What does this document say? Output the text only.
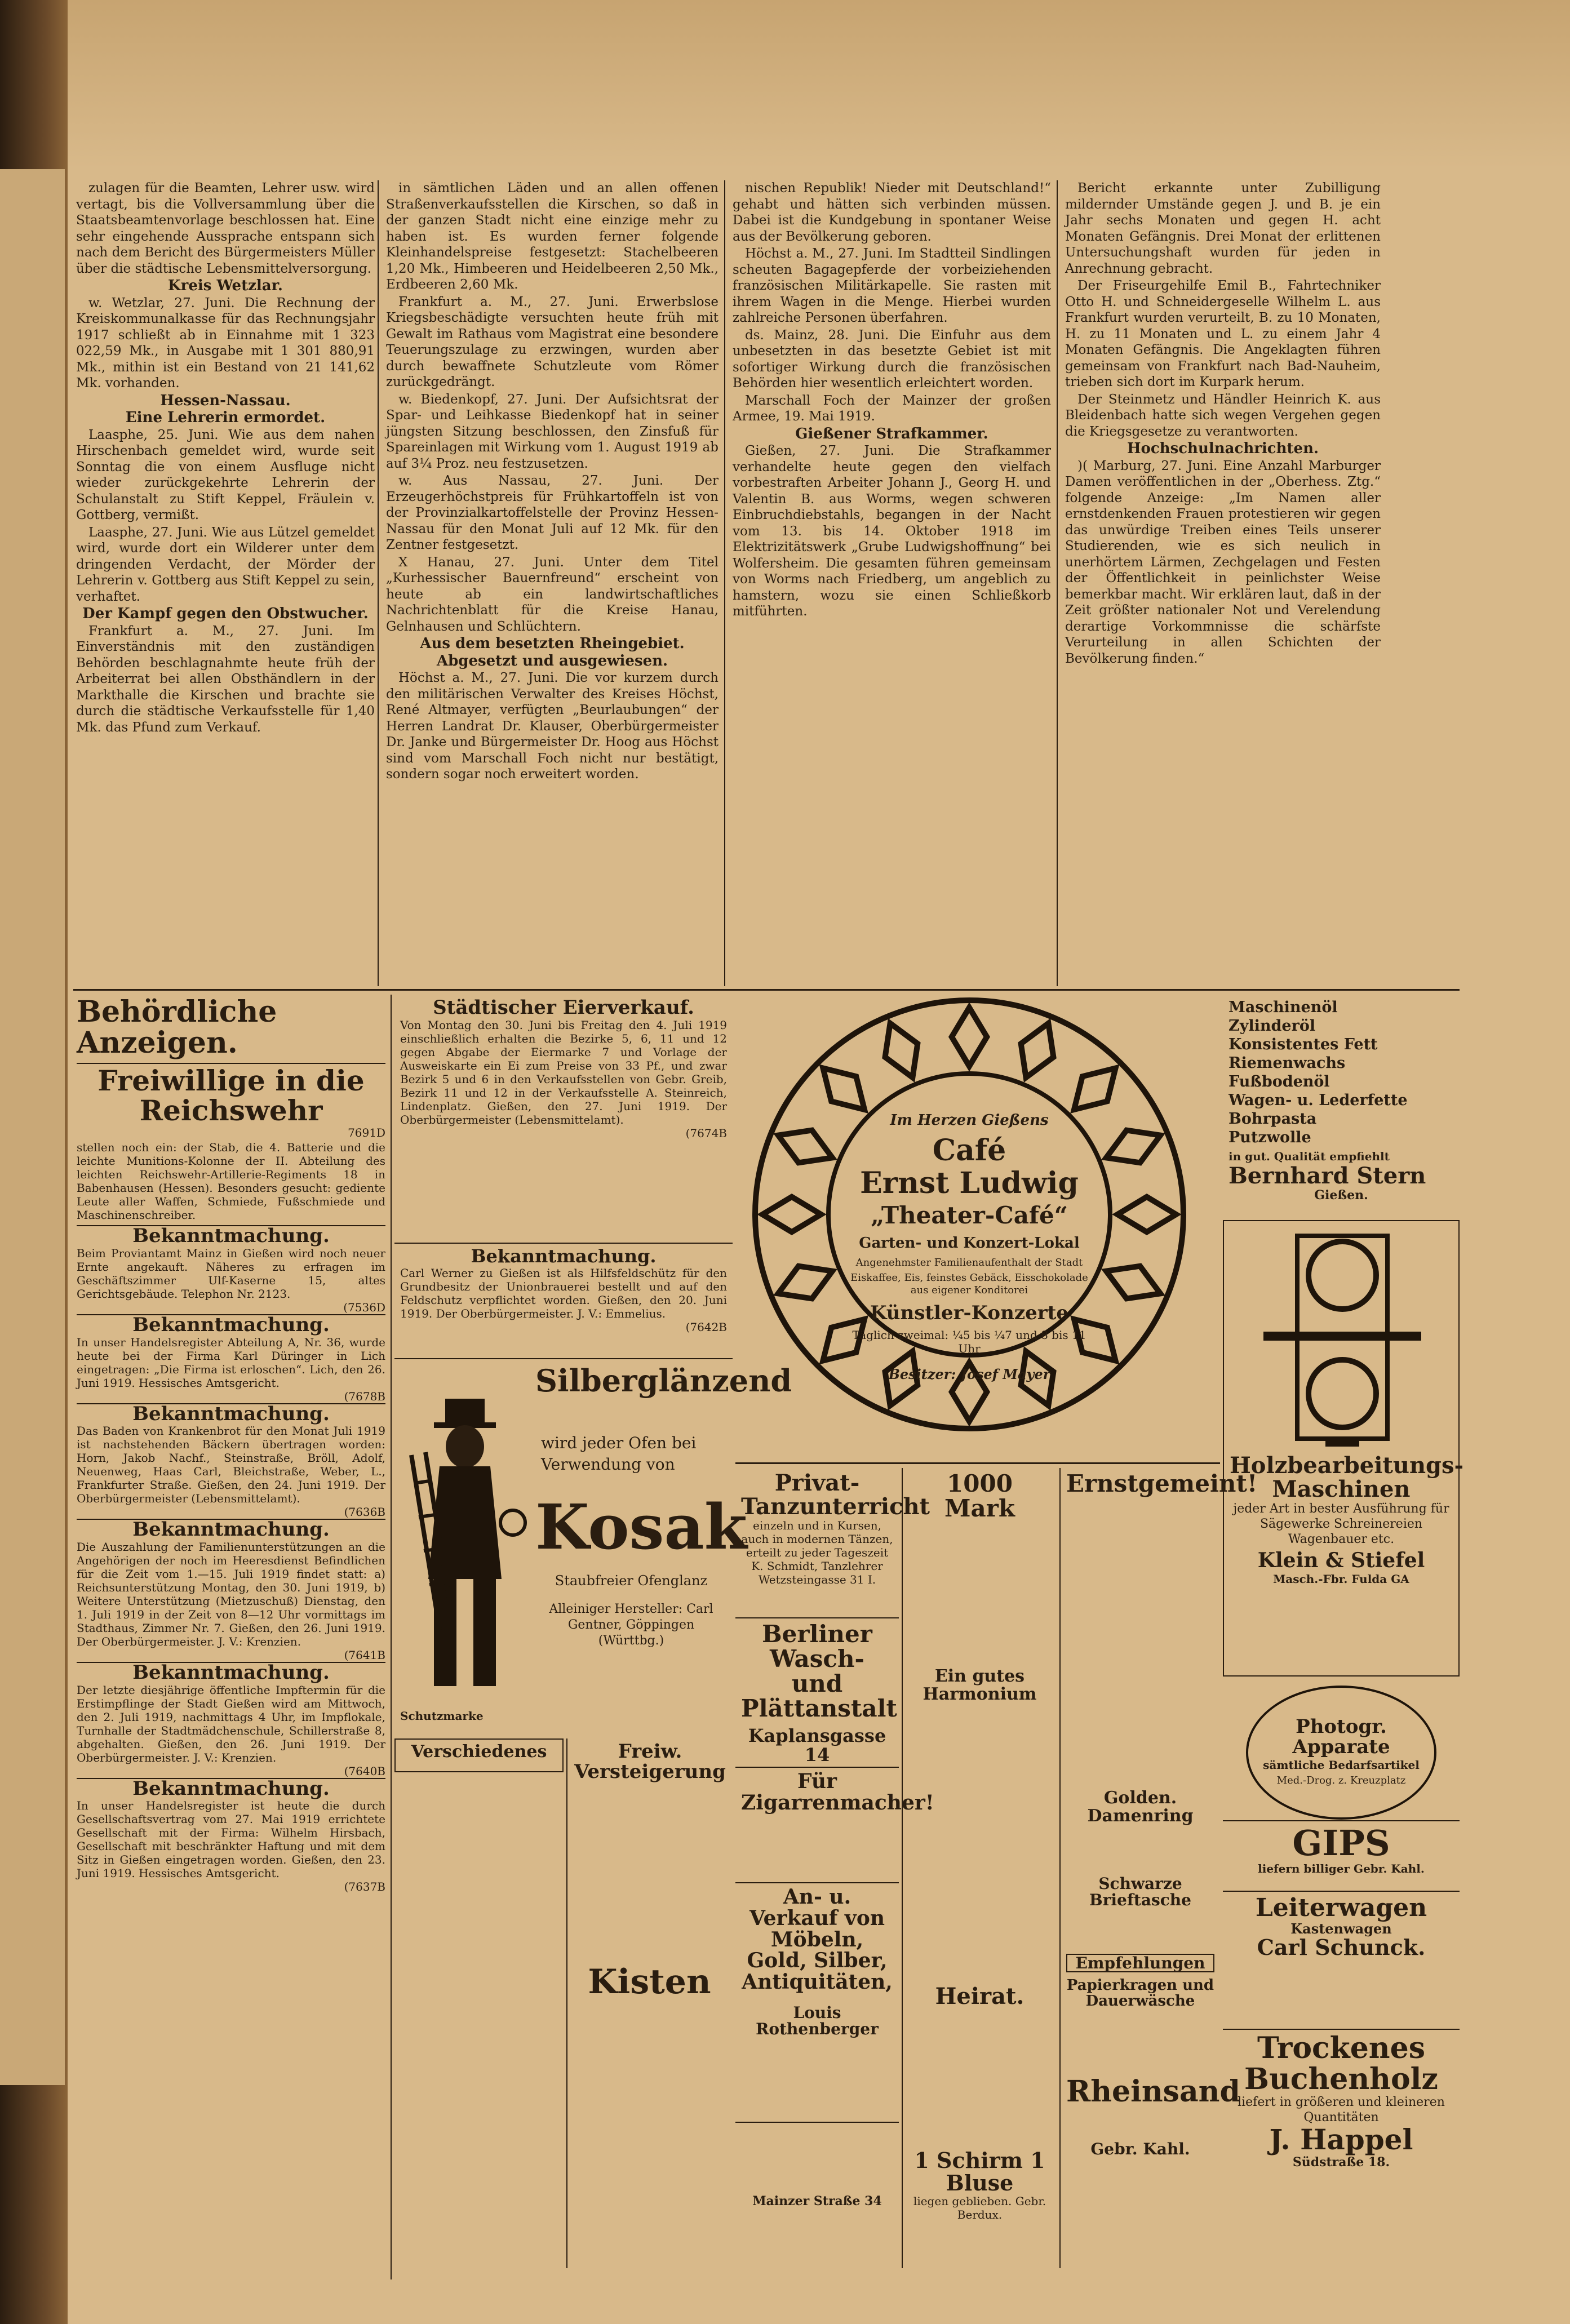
zulagen für die Beamten, Lehrer usw. wird vertagt, bis die Vollversammlung über die Staatsbeamtenvorlage beschlossen hat. Eine sehr eingehende Aussprache entspann sich nach dem Bericht des Bürgermeisters Müller über die städtische Lebensmittelversorgung.

Kreis Wetzlar.

w. Wetzlar, 27. Juni. Die Rechnung der Kreiskommunalkasse für das Rechnungsjahr 1917 schließt ab in Einnahme mit 1 323 022,59 Mk., in Ausgabe mit 1 301 880,91 Mk., mithin ist ein Bestand von 21 141,62 Mk. vorhanden.

Hessen-Nassau.

Eine Lehrerin ermordet.

Laasphe, 25. Juni. Wie aus dem nahen Hirschenbach gemeldet wird, wurde seit Sonntag die von einem Ausfluge nicht wieder zurückgekehrte Lehrerin der Schulanstalt zu Stift Keppel, Fräulein v. Gottberg, vermißt.

Laasphe, 27. Juni. Wie aus Lützel gemeldet wird, wurde dort ein Wilderer unter dem dringenden Verdacht, der Mörder der Lehrerin v. Gottberg aus Stift Keppel zu sein, verhaftet.

Der Kampf gegen den Obstwucher.

Frankfurt a. M., 27. Juni. Im Einverständnis mit den zuständigen Behörden beschlagnahmte heute früh der Arbeiterrat bei allen Obsthändlern in der Markthalle die Kirschen und brachte sie durch die städtische Verkaufsstelle für 1,40 Mk. das Pfund zum Verkauf.

in sämtlichen Läden und an allen offenen Straßenverkaufsstellen die Kirschen, so daß in der ganzen Stadt nicht eine einzige mehr zu haben ist. Es wurden ferner folgende Kleinhandelspreise festgesetzt: Stachelbeeren 1,20 Mk., Himbeeren und Heidelbeeren 2,50 Mk., Erdbeeren 2,60 Mk.

Frankfurt a. M., 27. Juni. Erwerbslose Kriegsbeschädigte versuchten heute früh mit Gewalt im Rathaus vom Magistrat eine besondere Teuerungszulage zu erzwingen, wurden aber durch bewaffnete Schutzleute vom Römer zurückgedrängt.

w. Biedenkopf, 27. Juni. Der Aufsichtsrat der Spar- und Leihkasse Biedenkopf hat in seiner jüngsten Sitzung beschlossen, den Zinsfuß für Spareinlagen mit Wirkung vom 1. August 1919 ab auf 3¼ Proz. neu festzusetzen.

w. Aus Nassau, 27. Juni. Der Erzeugerhöchstpreis für Frühkartoffeln ist von der Provinzialkartoffelstelle der Provinz Hessen-Nassau für den Monat Juli auf 12 Mk. für den Zentner festgesetzt.

X Hanau, 27. Juni. Unter dem Titel „Kurhessischer Bauernfreund“ erscheint von heute ab ein landwirtschaftliches Nachrichtenblatt für die Kreise Hanau, Gelnhausen und Schlüchtern.

Aus dem besetzten Rheingebiet.

Abgesetzt und ausgewiesen.

Höchst a. M., 27. Juni. Die vor kurzem durch den militärischen Verwalter des Kreises Höchst, René Altmayer, verfügten „Beurlaubungen“ der Herren Landrat Dr. Klauser, Oberbürgermeister Dr. Janke und Bürgermeister Dr. Hoog aus Höchst sind vom Marschall Foch nicht nur bestätigt, sondern sogar noch erweitert worden.

nischen Republik! Nieder mit Deutschland!“ gehabt und hätten sich verbinden müssen. Dabei ist die Kundgebung in spontaner Weise aus der Bevölkerung geboren.

Höchst a. M., 27. Juni. Im Stadtteil Sindlingen scheuten Bagagepferde der vorbeiziehenden französischen Militärkapelle. Sie rasten mit ihrem Wagen in die Menge. Hierbei wurden zahlreiche Personen überfahren.

ds. Mainz, 28. Juni. Die Einfuhr aus dem unbesetzten in das besetzte Gebiet ist mit sofortiger Wirkung durch die französischen Behörden hier wesentlich erleichtert worden.

Marschall Foch der Mainzer der großen Armee, 19. Mai 1919.

Gießener Strafkammer.

Gießen, 27. Juni. Die Strafkammer verhandelte heute gegen den vielfach vorbestraften Arbeiter Johann J., Georg H. und Valentin B. aus Worms, wegen schweren Einbruchdiebstahls, begangen in der Nacht vom 13. bis 14. Oktober 1918 im Elektrizitätswerk „Grube Ludwigshoffnung“ bei Wolfersheim. Die gesamten führen gemeinsam von Worms nach Friedberg, um angeblich zu hamstern, wozu sie einen Schließkorb mitführten.

Bericht erkannte unter Zubilligung mildernder Umstände gegen J. und B. je ein Jahr sechs Monaten und gegen H. acht Monaten Gefängnis. Drei Monat der erlittenen Untersuchungshaft wurden für jeden in Anrechnung gebracht.

Der Friseurgehilfe Emil B., Fahrtechniker Otto H. und Schneidergeselle Wilhelm L. aus Frankfurt wurden verurteilt, B. zu 10 Monaten, H. zu 11 Monaten und L. zu einem Jahr 4 Monaten Gefängnis. Die Angeklagten führen gemeinsam von Frankfurt nach Bad-Nauheim, trieben sich dort im Kurpark herum.

Der Steinmetz und Händler Heinrich K. aus Bleidenbach hatte sich wegen Vergehen gegen die Kriegsgesetze zu verantworten.

Hochschulnachrichten.

)( Marburg, 27. Juni. Eine Anzahl Marburger Damen veröffentlichen in der „Oberhess. Ztg.“ folgende Anzeige: „Im Namen aller ernstdenkenden Frauen protestieren wir gegen das unwürdige Treiben eines Teils unserer Studierenden, wie es sich neulich in unerhörtem Lärmen, Zechgelagen und Festen der Öffentlichkeit in peinlichster Weise bemerkbar macht. Wir erklären laut, daß in der Zeit größter nationaler Not und Verelendung derartige Vorkommnisse die schärfste Verurteilung in allen Schichten der Bevölkerung finden.“

Behördliche Anzeigen.
Freiwillige in die Reichswehr
7691D
stellen noch ein: der Stab, die 4. Batterie und die leichte Munitions-Kolonne der II. Abteilung des leichten Reichswehr-Artillerie-Regiments 18 in Babenhausen (Hessen). Besonders gesucht: gediente Leute aller Waffen, Schmiede, Fußschmiede und Maschinenschreiber.
Bekanntmachung.
Beim Proviantamt Mainz in Gießen wird noch neuer Ernte angekauft. Näheres zu erfragen im Geschäftszimmer Ulf-Kaserne 15, altes Gerichtsgebäude. Telephon Nr. 2123.
(7536D
Bekanntmachung.
In unser Handelsregister Abteilung A, Nr. 36, wurde heute bei der Firma Karl Düringer in Lich eingetragen: „Die Firma ist erloschen“. Lich, den 26. Juni 1919. Hessisches Amtsgericht.
(7678B
Bekanntmachung.
Das Baden von Krankenbrot für den Monat Juli 1919 ist nachstehenden Bäckern übertragen worden: Horn, Jakob Nachf., Steinstraße, Bröll, Adolf, Neuenweg, Haas Carl, Bleichstraße, Weber, L., Frankfurter Straße. Gießen, den 24. Juni 1919. Der Oberbürgermeister (Lebensmittelamt).
(7636B
Bekanntmachung.
Die Auszahlung der Familienunterstützungen an die Angehörigen der noch im Heeresdienst Befindlichen für die Zeit vom 1.—15. Juli 1919 findet statt: a) Reichsunterstützung Montag, den 30. Juni 1919, b) Weitere Unterstützung (Mietzuschuß) Dienstag, den 1. Juli 1919 in der Zeit von 8—12 Uhr vormittags im Stadthaus, Zimmer Nr. 7. Gießen, den 26. Juni 1919. Der Oberbürgermeister. J. V.: Krenzien.
(7641B
Bekanntmachung.
Der letzte diesjährige öffentliche Impftermin für die Erstimpflinge der Stadt Gießen wird am Mittwoch, den 2. Juli 1919, nachmittags 4 Uhr, im Impflokale, Turnhalle der Stadtmädchenschule, Schillerstraße 8, abgehalten. Gießen, den 26. Juni 1919. Der Oberbürgermeister. J. V.: Krenzien.
(7640B
Bekanntmachung.
In unser Handelsregister ist heute die durch Gesellschaftsvertrag vom 27. Mai 1919 errichtete Gesellschaft mit der Firma: Wilhelm Hirsbach, Gesellschaft mit beschränkter Haftung und mit dem Sitz in Gießen eingetragen worden. Gießen, den 23. Juni 1919. Hessisches Amtsgericht.
(7637B
Städtischer Eierverkauf.
Von Montag den 30. Juni bis Freitag den 4. Juli 1919 einschließlich erhalten die Bezirke 5, 6, 11 und 12 gegen Abgabe der Eiermarke 7 und Vorlage der Ausweiskarte ein Ei zum Preise von 33 Pf., und zwar Bezirk 5 und 6 in den Verkaufsstellen von Gebr. Greib, Bezirk 11 und 12 in der Verkaufsstelle A. Steinreich, Lindenplatz. Gießen, den 27. Juni 1919. Der Oberbürgermeister (Lebensmittelamt).
(7674B
Bekanntmachung.
Carl Werner zu Gießen ist als Hilfsfeldschütz für den Grundbesitz der Unionbrauerei bestellt und auf den Feldschutz verpflichtet worden. Gießen, den 20. Juni 1919. Der Oberbürgermeister. J. V.: Emmelius.
(7642B
Silberglänzend
Schutzmarke
wird jeder Ofen bei Verwendung von
Kosak
Staubfreier Ofenglanz
Alleiniger Hersteller: Carl Gentner, Göppingen (Württbg.)
Im Herzen Gießens
Café
Ernst Ludwig
„Theater-Café“
Garten- und Konzert-Lokal
Angenehmster Familienaufenthalt der Stadt
Eiskaffee, Eis, feinstes Gebäck, Eisschokolade aus eigener Konditorei
Künstler-Konzerte
Täglich zweimal: ¼5 bis ¼7 und 8 bis 11 Uhr
Besitzer: Josef Mayer
Maschinenöl
Zylinderöl
Konsistentes Fett
Riemenwachs
Fußbodenöl
Wagen- u. Lederfette
Bohrpasta
Putzwolle
in gut. Qualität empfiehlt
Bernhard Stern
Gießen.
Holzbearbeitungs-Maschinen
jeder Art in bester Ausführung für Sägewerke Schreinereien Wagenbauer etc.
Klein & Stiefel
Masch.-Fbr. Fulda GA
Photogr. Apparate
sämtliche Bedarfsartikel
Med.-Drog. z. Kreuzplatz
GIPS
liefern billiger Gebr. Kahl.
Leiterwagen
Kastenwagen
Carl Schunck.
Trockenes
Buchenholz
liefert in größeren und kleineren Quantitäten
J. Happel
Südstraße 18.
Verschiedenes	Freiw. Versteigerung
Privat-Tanzunterricht
einzeln und in Kursen, auch in modernen Tänzen, erteilt zu jeder Tageszeit K. Schmidt, Tanzlehrer Wetzsteingasse 31 I.
Berliner Wasch- und Plättanstalt
Kaplansgasse 14
Für Zigarrenmacher!
An- u. Verkauf von Möbeln, Gold, Silber, Antiquitäten,
Louis Rothenberger
Mainzer Straße 34
1000 Mark
Ein gutes Harmonium
Heirat.
1 Schirm 1 Bluse
liegen geblieben. Gebr. Berdux.
Ernstgemeint!
Golden. Damenring
Schwarze Brieftasche
Empfehlungen
Papierkragen und Dauerwäsche
Rheinsand
Gebr. Kahl.
Kisten
